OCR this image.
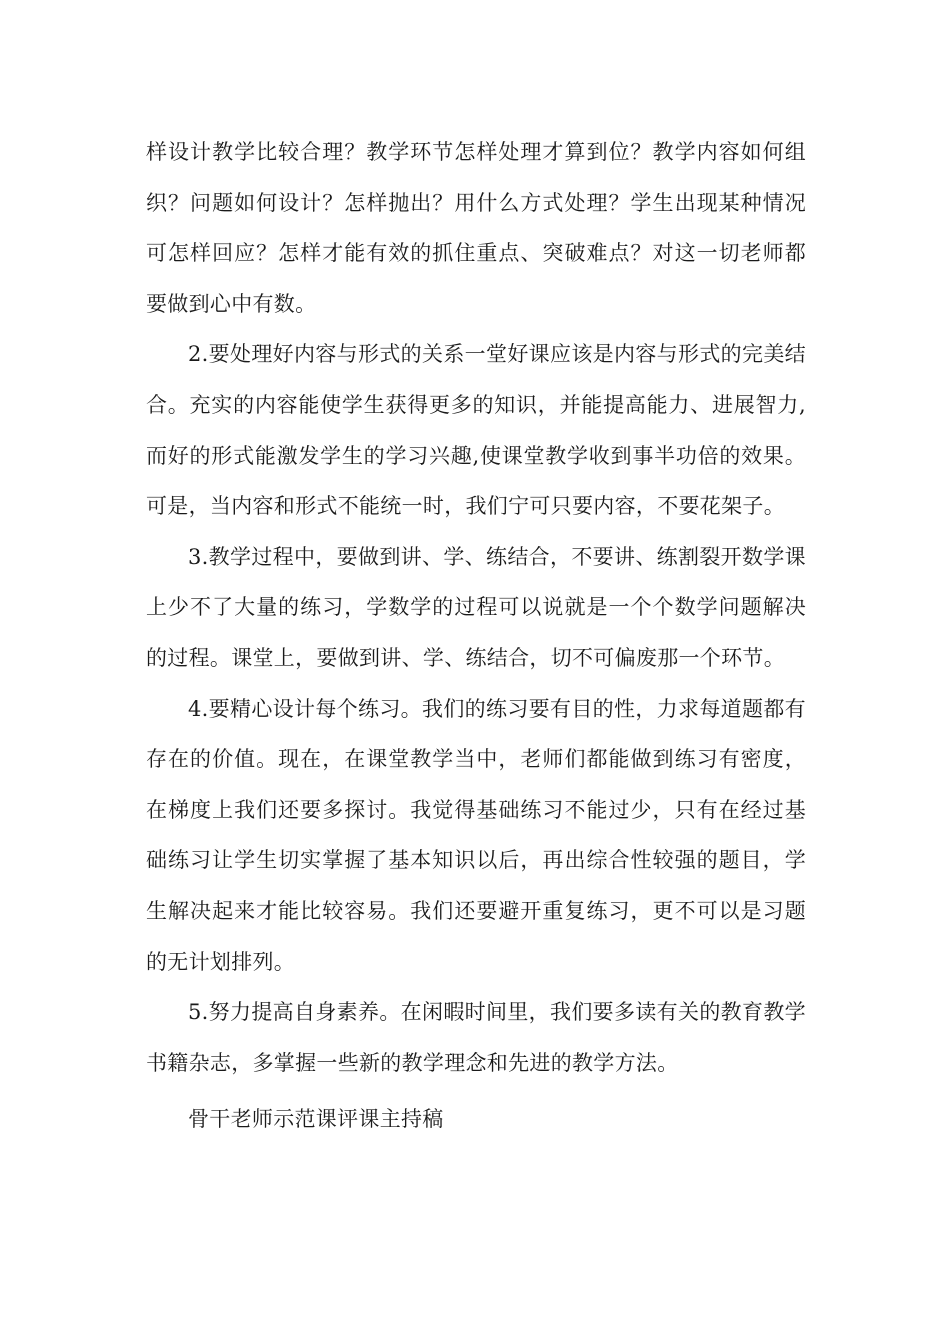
样设计教学比较合理？教学环节怎样处理才算到位？教学内容如何组织？问题如何设计？怎样抛出？用什么方式处理？学生出现某种情况可怎样回应？怎样才能有效的抓住重点、突破难点？对这一切老师都要做到心中有数。

2.要处理好内容与形式的关系一堂好课应该是内容与形式的完美结合。充实的内容能使学生获得更多的知识，并能提高能力、进展智力,而好的形式能激发学生的学习兴趣,使课堂教学收到事半功倍的效果。可是，当内容和形式不能统一时，我们宁可只要内容，不要花架子。

3.教学过程中，要做到讲、学、练结合，不要讲、练割裂开数学课上少不了大量的练习，学数学的过程可以说就是一个个数学问题解决的过程。课堂上，要做到讲、学、练结合，切不可偏废那一个环节。

4.要精心设计每个练习。我们的练习要有目的性，力求每道题都有存在的价值。现在，在课堂教学当中，老师们都能做到练习有密度，在梯度上我们还要多探讨。我觉得基础练习不能过少，只有在经过基础练习让学生切实掌握了基本知识以后，再出综合性较强的题目，学生解决起来才能比较容易。我们还要避开重复练习，更不可以是习题的无计划排列。

5.努力提高自身素养。在闲暇时间里，我们要多读有关的教育教学书籍杂志，多掌握一些新的教学理念和先进的教学方法。

骨干老师示范课评课主持稿
